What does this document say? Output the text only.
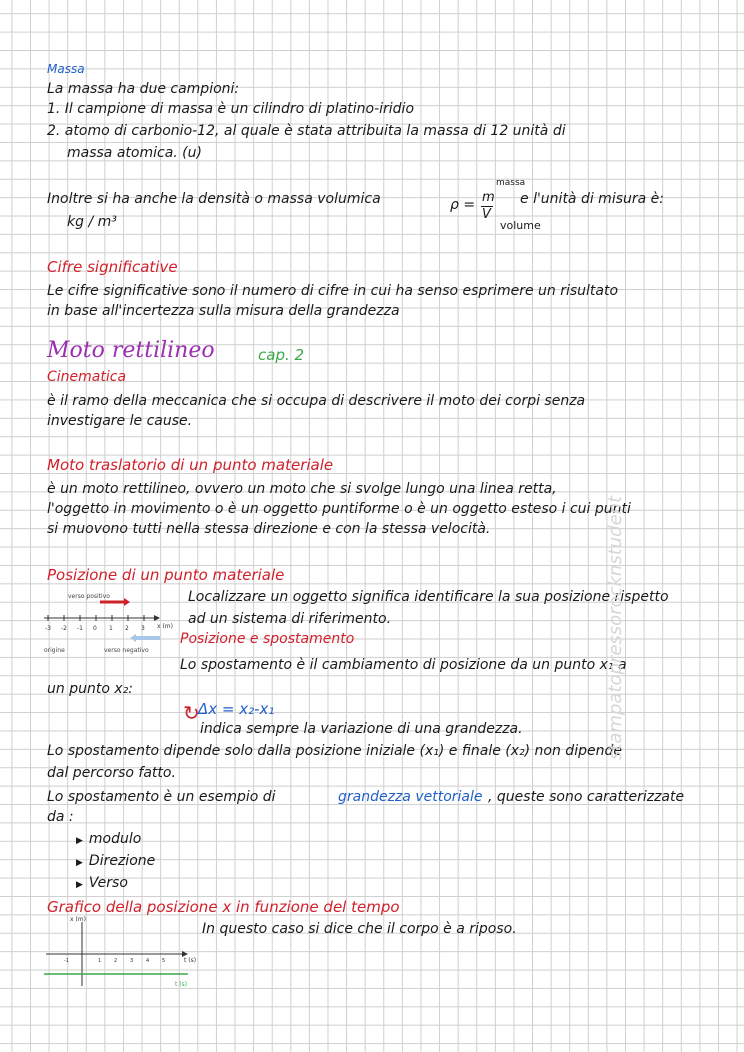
Massa
La massa ha due campioni:
1. Il campione di massa è un cilindro di platino-iridio
2. atomo di carbonio-12, al quale è stata attribuita la massa di 12 unità di
massa atomica. (u)
Inoltre si ha anche la densità o massa volumica	ρ = m
V
massa
volume
e l'unità di misura è:
kg / m³
Cifre significative
Le cifre significative sono il numero di cifre in cui ha senso esprimere un risultato
in base all'incertezza sulla misura della grandezza
Moto rettilineo	cap. 2
Cinematica
è il ramo della meccanica che si occupa di descrivere il moto dei corpi senza
investigare le cause.
Moto traslatorio di un punto materiale
è un moto rettilineo, ovvero un moto che si svolge lungo una linea retta,
l'oggetto in movimento o è un oggetto puntiforme o è un oggetto esteso i cui punti
si muovono tutti nella stessa direzione e con la stessa velocità.
Posizione di un punto materiale
verso positivo
-3 -2 -1 0 1 2 3 x (m)
origine	verso negativo
Localizzare un oggetto significa identificare la sua posizione rispetto
ad un sistema di riferimento.
Posizione e spostamento
Lo spostamento è il cambiamento di posizione da un punto x₁ a
un punto x₂:
↻
Δx = x₂-x₁
indica sempre la variazione di una grandezza.
Lo spostamento dipende solo dalla posizione iniziale (x₁) e finale (x₂) non dipende
dal percorso fatto.
Lo spostamento è un esempio di	grandezza vettoriale , queste sono caratterizzate
da :
▶ modulo
▶ Direzione
▶ Verso
Grafico della posizione x in funzione del tempo
x (m)
-1	1	2	3	4	5	t (s)
t (s)
In questo caso si dice che il corpo è a riposo.
stampatopressorocknstudent
